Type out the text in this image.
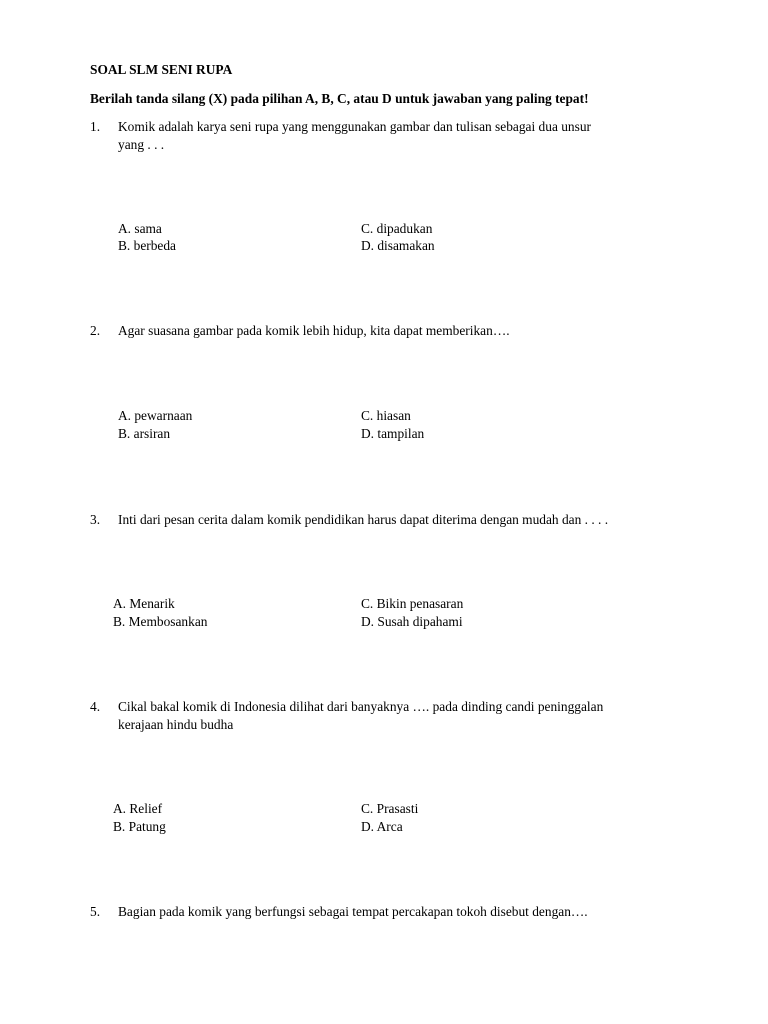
SOAL SLM SENI RUPA
Berilah tanda silang (X) pada pilihan A, B, C, atau D untuk jawaban yang paling tepat!
1. Komik adalah karya seni rupa yang menggunakan gambar dan tulisan sebagai dua unsur
yang . . .
A. sama
B. berbeda
C. dipadukan
D. disamakan
2. Agar suasana gambar pada komik lebih hidup, kita dapat memberikan….
A. pewarnaan
B. arsiran
C. hiasan
D. tampilan
3. Inti dari pesan cerita dalam komik pendidikan harus dapat diterima dengan mudah dan . . . .
A. Menarik
B. Membosankan
C. Bikin penasaran
D. Susah dipahami
4. Cikal bakal komik di Indonesia dilihat dari banyaknya …. pada dinding candi peninggalan
kerajaan hindu budha
A. Relief
B. Patung
C. Prasasti
D. Arca
5. Bagian pada komik yang berfungsi sebagai tempat percakapan tokoh disebut dengan….
